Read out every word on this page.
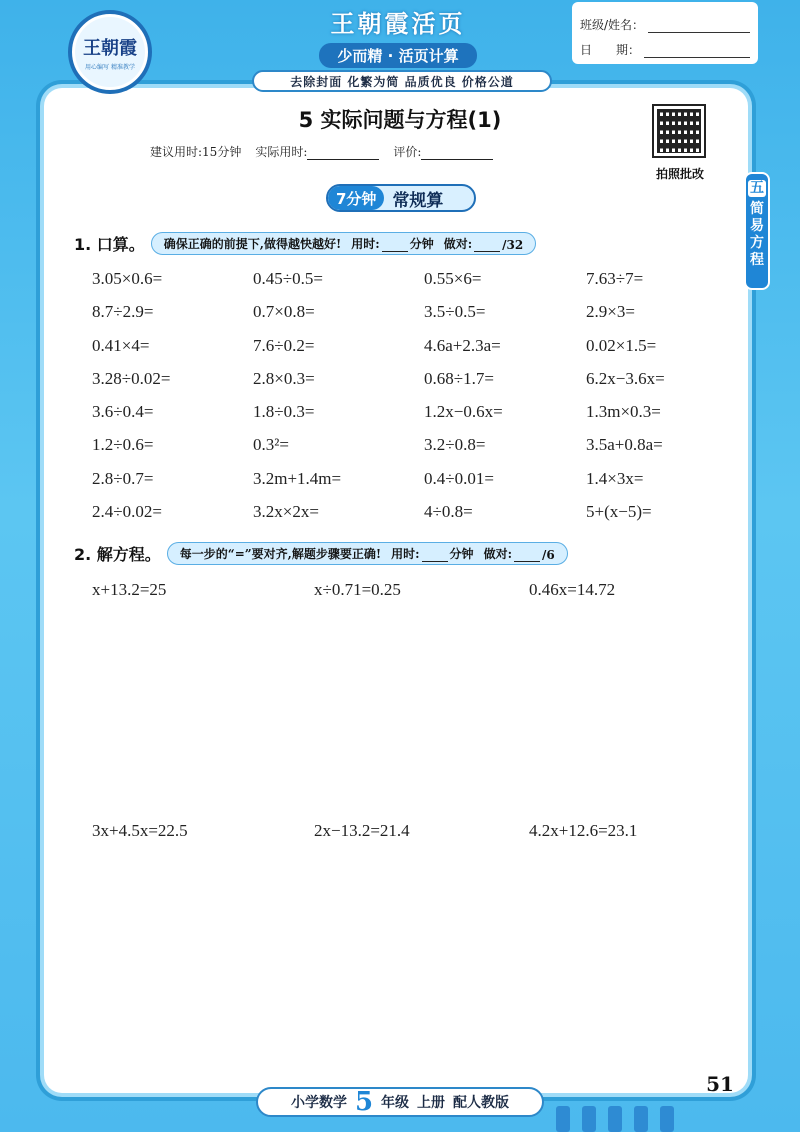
王朝霞
用心编写 精准教学
王朝霞活页
少而精 · 活页计算
班级/姓名：
日　　期：
去除封面 化繁为简 品质优良 价格公道
5 实际问题与方程(1)
建议用时:15分钟 实际用时:	评价:
拍照批改
7分钟 常规算
五
简
易
方
程
1. 口算。 确保正确的前提下,做得越快越好! 用时:	分钟 做对:	/32
3.05×0.6=	0.45÷0.5=	0.55×6=	7.63÷7=
8.7÷2.9=	0.7×0.8=	3.5÷0.5=	2.9×3=
0.41×4=	7.6÷0.2=	4.6a+2.3a=	0.02×1.5=
3.28÷0.02=	2.8×0.3=	0.68÷1.7=	6.2x−3.6x=
3.6÷0.4=	1.8÷0.3=	1.2x−0.6x=	1.3m×0.3=
1.2÷0.6=	0.3²=	3.2÷0.8=	3.5a+0.8a=
2.8÷0.7=	3.2m+1.4m=	0.4÷0.01=	1.4×3x=
2.4÷0.02=	3.2x×2x=	4÷0.8=	5+(x−5)=
2. 解方程。 每一步的“=”要对齐,解题步骤要正确! 用时:	分钟 做对:	/6
x+13.2=25	x÷0.71=0.25	0.46x=14.72
3x+4.5x=22.5	2x−13.2=21.4	4.2x+12.6=23.1
小学数学 5 年级 上册 配人教版
51
